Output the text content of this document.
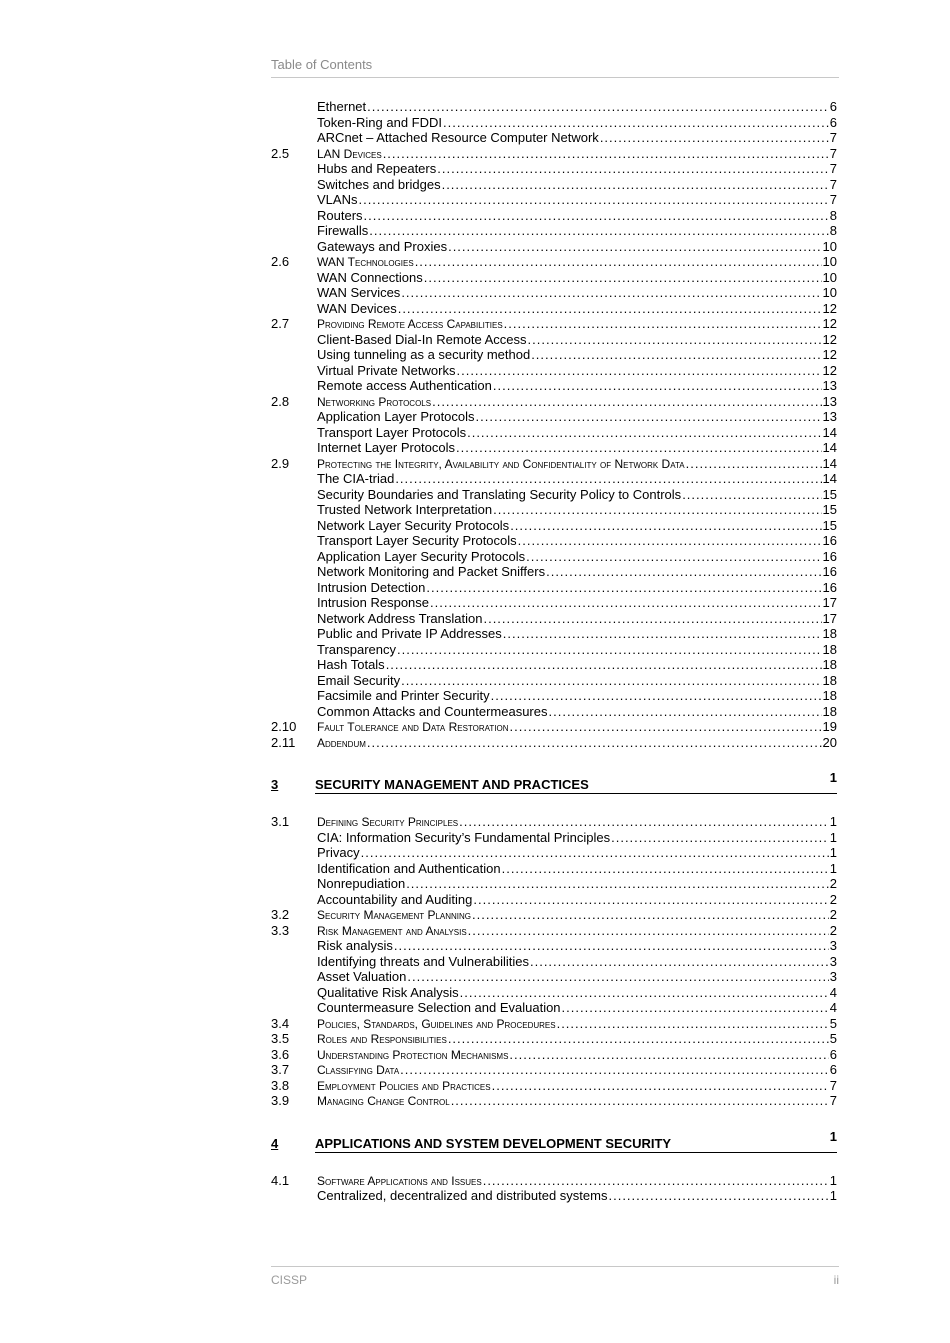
Table of Contents
Ethernet .....	6
Token-Ring and FDDI .....	6
ARCnet – Attached Resource Computer Network .....	7
2.5	LAN Devices .....	7
Hubs and Repeaters .....	7
Switches and bridges .....	7
VLANs .....	7
Routers .....	8
Firewalls .....	8
Gateways and Proxies .....	10
2.6	WAN Technologies .....	10
WAN Connections .....	10
WAN Services .....	10
WAN Devices .....	12
2.7	Providing Remote Access Capabilities .....	12
Client-Based Dial-In Remote Access .....	12
Using tunneling as a security method .....	12
Virtual Private Networks .....	12
Remote access Authentication .....	13
2.8	Networking Protocols .....	13
Application Layer Protocols .....	13
Transport Layer Protocols .....	14
Internet Layer Protocols .....	14
2.9	Protecting the Integrity, Availability and Confidentiality of Network Data .....	14
The CIA-triad .....	14
Security Boundaries and Translating Security Policy to Controls .....	15
Trusted Network Interpretation .....	15
Network Layer Security Protocols .....	15
Transport Layer Security Protocols .....	16
Application Layer Security Protocols .....	16
Network Monitoring and Packet Sniffers .....	16
Intrusion Detection .....	16
Intrusion Response .....	17
Network Address Translation .....	17
Public and Private IP Addresses .....	18
Transparency .....	18
Hash Totals .....	18
Email Security .....	18
Facsimile and Printer Security .....	18
Common Attacks and Countermeasures .....	18
2.10	Fault Tolerance and Data Restoration .....	19
2.11	Addendum .....	20
3	SECURITY MANAGEMENT AND PRACTICES	1
3.1	Defining Security Principles .....	1
CIA: Information Security’s Fundamental Principles .....	1
Privacy .....	1
Identification and Authentication .....	1
Nonrepudiation .....	2
Accountability and Auditing .....	2
3.2	Security Management Planning .....	2
3.3	Risk Management and Analysis .....	2
Risk analysis .....	3
Identifying threats and Vulnerabilities .....	3
Asset Valuation .....	3
Qualitative Risk Analysis .....	4
Countermeasure Selection and Evaluation .....	4
3.4	Policies, Standards, Guidelines and Procedures .....	5
3.5	Roles and Responsibilities .....	5
3.6	Understanding Protection Mechanisms .....	6
3.7	Classifying Data .....	6
3.8	Employment Policies and Practices .....	7
3.9	Managing Change Control .....	7
4	APPLICATIONS AND SYSTEM DEVELOPMENT SECURITY	1
4.1	Software Applications and Issues .....	1
Centralized, decentralized and distributed systems .....	1
CISSP	ii
